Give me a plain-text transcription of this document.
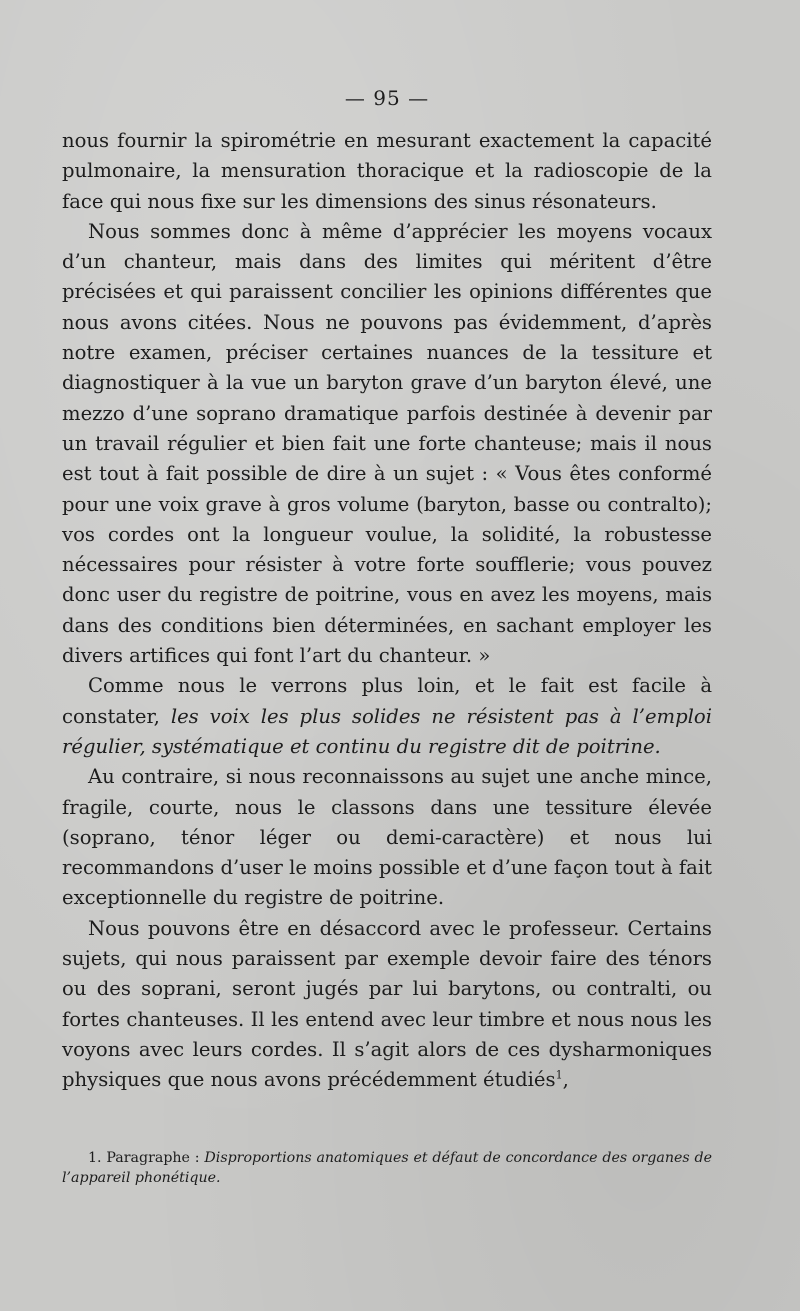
— 95 —

nous fournir la spirométrie en mesurant exactement la capacité pulmonaire, la mensuration thoracique et la radioscopie de la face qui nous fixe sur les dimensions des sinus résonateurs.

Nous sommes donc à même d’apprécier les moyens vocaux d’un chanteur, mais dans des limites qui méritent d’être précisées et qui paraissent concilier les opinions différentes que nous avons citées. Nous ne pouvons pas évidemment, d’après notre examen, préciser certaines nuances de la tessiture et diagnostiquer à la vue un baryton grave d’un baryton élevé, une mezzo d’une soprano dramatique parfois destinée à devenir par un travail régulier et bien fait une forte chanteuse; mais il nous est tout à fait possible de dire à un sujet : « Vous êtes conformé pour une voix grave à gros volume (baryton, basse ou contralto); vos cordes ont la longueur voulue, la solidité, la robustesse nécessaires pour résister à votre forte soufflerie; vous pouvez donc user du registre de poitrine, vous en avez les moyens, mais dans des conditions bien déterminées, en sachant employer les divers artifices qui font l’art du chanteur. »

Comme nous le verrons plus loin, et le fait est facile à constater, les voix les plus solides ne résistent pas à l’emploi régulier, systématique et continu du registre dit de poitrine.

Au contraire, si nous reconnaissons au sujet une anche mince, fragile, courte, nous le classons dans une tessiture élevée (soprano, ténor léger ou demi-caractère) et nous lui recommandons d’user le moins possible et d’une façon tout à fait exceptionnelle du registre de poitrine.

Nous pouvons être en désaccord avec le professeur. Certains sujets, qui nous paraissent par exemple devoir faire des ténors ou des soprani, seront jugés par lui barytons, ou contralti, ou fortes chanteuses. Il les entend avec leur timbre et nous nous les voyons avec leurs cordes. Il s’agit alors de ces dysharmoniques physiques que nous avons précédemment étudiés$^1$,

1. Paragraphe : Disproportions anatomiques et défaut de concordance des organes de l’appareil phonétique.
